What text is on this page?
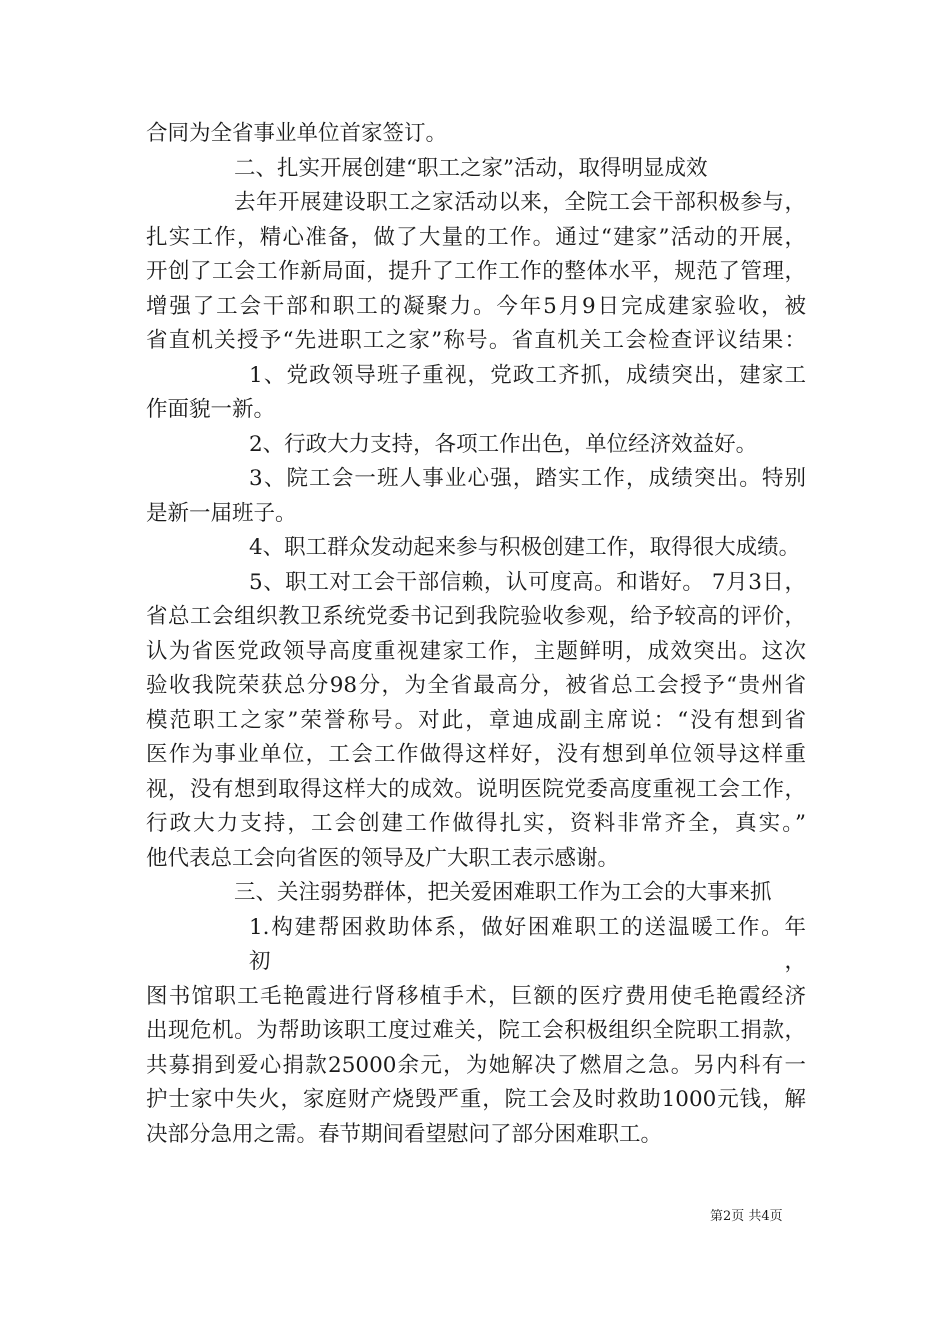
合同为全省事业单位首家签订。
二、扎实开展创建“职工之家”活动，取得明显成效
去年开展建设职工之家活动以来，全院工会干部积极参与，
扎实工作，精心准备，做了大量的工作。通过“建家”活动的开展，
开创了工会工作新局面，提升了工作工作的整体水平，规范了管理，
增强了工会干部和职工的凝聚力。今年5月9日完成建家验收，被
省直机关授予“先进职工之家”称号。省直机关工会检查评议结果：
1、党政领导班子重视，党政工齐抓，成绩突出，建家工
作面貌一新。
2、行政大力支持，各项工作出色，单位经济效益好。
3、院工会一班人事业心强，踏实工作，成绩突出。特别
是新一届班子。
4、职工群众发动起来参与积极创建工作，取得很大成绩。
5、职工对工会干部信赖，认可度高。和谐好。 7月3日，
省总工会组织教卫系统党委书记到我院验收参观，给予较高的评价，
认为省医党政领导高度重视建家工作，主题鲜明，成效突出。这次
验收我院荣获总分98分，为全省最高分，被省总工会授予“贵州省
模范职工之家”荣誉称号。对此，章迪成副主席说：“没有想到省
医作为事业单位，工会工作做得这样好，没有想到单位领导这样重
视，没有想到取得这样大的成效。说明医院党委高度重视工会工作，
行政大力支持，工会创建工作做得扎实，资料非常齐全，真实。”
他代表总工会向省医的领导及广大职工表示感谢。
三、关注弱势群体，把关爱困难职工作为工会的大事来抓
1.构建帮困救助体系，做好困难职工的送温暖工作。年初，
图书馆职工毛艳霞进行肾移植手术，巨额的医疗费用使毛艳霞经济
出现危机。为帮助该职工度过难关，院工会积极组织全院职工捐款，
共募捐到爱心捐款25000余元，为她解决了燃眉之急。另内科有一
护士家中失火，家庭财产烧毁严重，院工会及时救助1000元钱，解
决部分急用之需。春节期间看望慰问了部分困难职工。
第2页 共4页
